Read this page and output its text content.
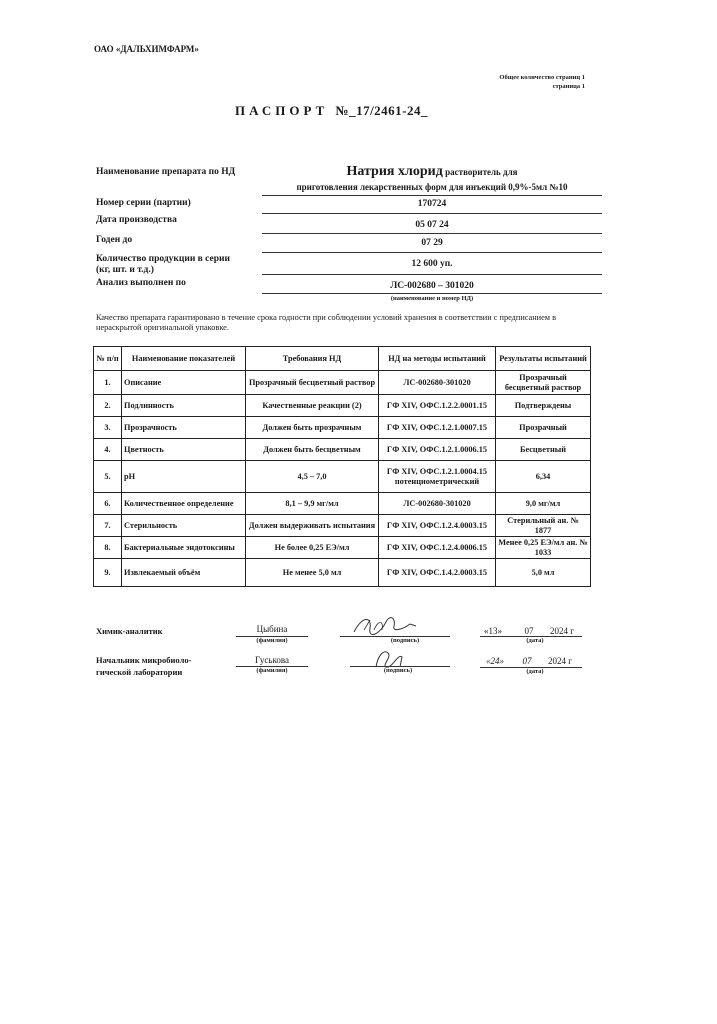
ОАО «ДАЛЬХИМФАРМ»
Общее количество страниц 1
страница 1
ПАСПОРТ №_17/2461-24_
Наименование препарата по НД	Натрия хлорид растворитель для
приготовления лекарственных форм для инъекций 0,9%-5мл №10
Номер серии (партии)	170724
Дата производства	05 07 24
Годен до	07 29
Количество продукции в серии
(кг, шт. и т.д.)
12 600 уп.
Анализ выполнен по	ЛС-002680 – 301020
(наименование и номер НД)
Качество препарата гарантировано в течение срока годности при соблюдении условий хранения в соответствии с предписанием в нераскрытой оригинальной упаковке.
№ п/п	Наименование показателей	Требования НД	НД на методы испытаний	Результаты испытаний
1.	Описание	Прозрачный бесцветный раствор	ЛС-002680-301020	Прозрачный бесцветный раствор
2.	Подлинность	Качественные реакции (2)	ГФ XIV, ОФС.1.2.2.0001.15	Подтверждены
3.	Прозрачность	Должен быть прозрачным	ГФ XIV, ОФС.1.2.1.0007.15	Прозрачный
4.	Цветность	Должен быть бесцветным	ГФ XIV, ОФС.1.2.1.0006.15	Бесцветный
5.	pH	4,5 – 7,0	ГФ XIV, ОФС.1.2.1.0004.15 потенциометрический	6,34
6.	Количественное определение	8,1 – 9,9 мг/мл	ЛС-002680-301020	9,0 мг/мл
7.	Стерильность	Должен выдерживать испытания	ГФ XIV, ОФС.1.2.4.0003.15	Стерильный ан. № 1877
8.	Бактериальные эндотоксины	Не более 0,25 ЕЭ/мл	ГФ XIV, ОФС.1.2.4.0006.15	Менее 0,25 ЕЭ/мл ан. № 1033
9.	Извлекаемый объём	Не менее 5,0 мл	ГФ XIV, ОФС.1.4.2.0003.15	5,0 мл
Химик-аналитик	Цыбина
(фамилия)	(подпись)
«13»	07 2024 г
(дата)
Начальник микробиоло-
гической лаборатории
Гуськова
(фамилия)	(подпись)
«24» 07 2024 г
(дата)
